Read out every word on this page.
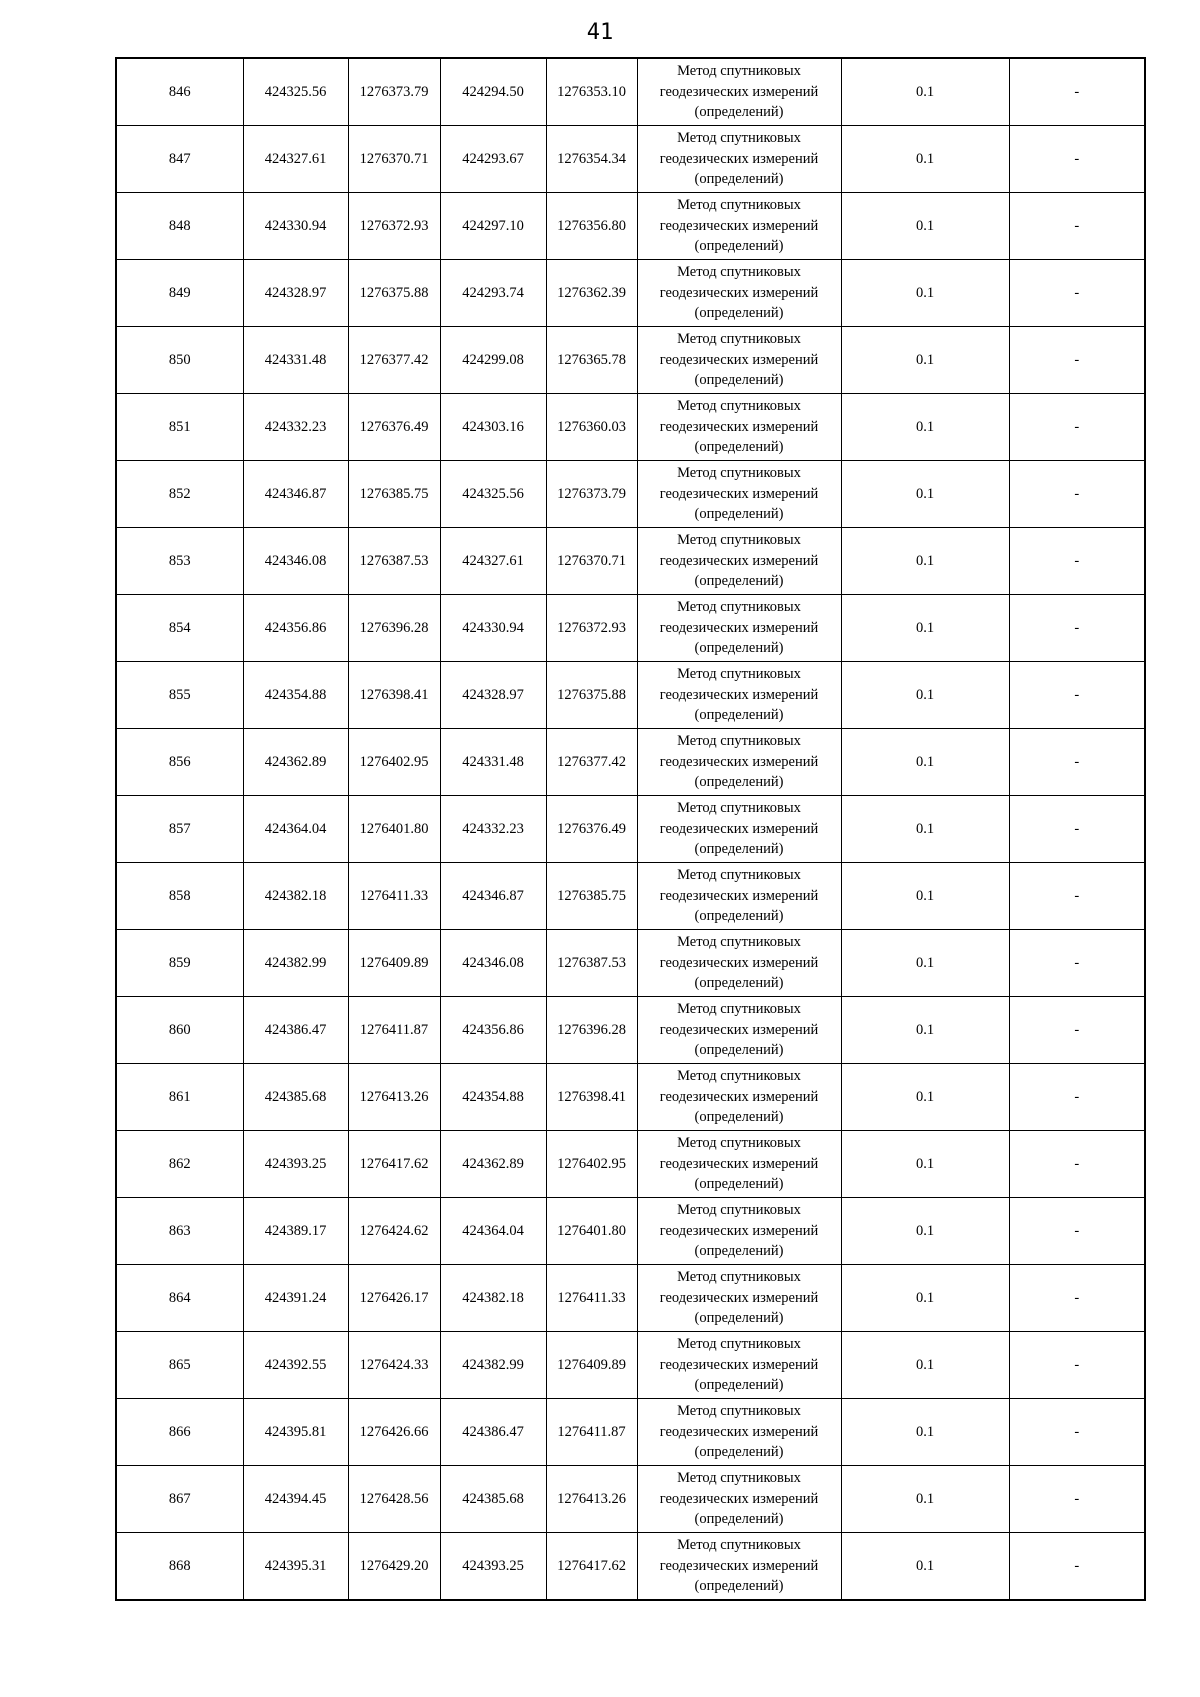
41
846	424325.56	1276373.79	424294.50	1276353.10	Метод спутниковых
геодезических измерений
(определений)	0.1	-
847	424327.61	1276370.71	424293.67	1276354.34	Метод спутниковых
геодезических измерений
(определений)	0.1	-
848	424330.94	1276372.93	424297.10	1276356.80	Метод спутниковых
геодезических измерений
(определений)	0.1	-
849	424328.97	1276375.88	424293.74	1276362.39	Метод спутниковых
геодезических измерений
(определений)	0.1	-
850	424331.48	1276377.42	424299.08	1276365.78	Метод спутниковых
геодезических измерений
(определений)	0.1	-
851	424332.23	1276376.49	424303.16	1276360.03	Метод спутниковых
геодезических измерений
(определений)	0.1	-
852	424346.87	1276385.75	424325.56	1276373.79	Метод спутниковых
геодезических измерений
(определений)	0.1	-
853	424346.08	1276387.53	424327.61	1276370.71	Метод спутниковых
геодезических измерений
(определений)	0.1	-
854	424356.86	1276396.28	424330.94	1276372.93	Метод спутниковых
геодезических измерений
(определений)	0.1	-
855	424354.88	1276398.41	424328.97	1276375.88	Метод спутниковых
геодезических измерений
(определений)	0.1	-
856	424362.89	1276402.95	424331.48	1276377.42	Метод спутниковых
геодезических измерений
(определений)	0.1	-
857	424364.04	1276401.80	424332.23	1276376.49	Метод спутниковых
геодезических измерений
(определений)	0.1	-
858	424382.18	1276411.33	424346.87	1276385.75	Метод спутниковых
геодезических измерений
(определений)	0.1	-
859	424382.99	1276409.89	424346.08	1276387.53	Метод спутниковых
геодезических измерений
(определений)	0.1	-
860	424386.47	1276411.87	424356.86	1276396.28	Метод спутниковых
геодезических измерений
(определений)	0.1	-
861	424385.68	1276413.26	424354.88	1276398.41	Метод спутниковых
геодезических измерений
(определений)	0.1	-
862	424393.25	1276417.62	424362.89	1276402.95	Метод спутниковых
геодезических измерений
(определений)	0.1	-
863	424389.17	1276424.62	424364.04	1276401.80	Метод спутниковых
геодезических измерений
(определений)	0.1	-
864	424391.24	1276426.17	424382.18	1276411.33	Метод спутниковых
геодезических измерений
(определений)	0.1	-
865	424392.55	1276424.33	424382.99	1276409.89	Метод спутниковых
геодезических измерений
(определений)	0.1	-
866	424395.81	1276426.66	424386.47	1276411.87	Метод спутниковых
геодезических измерений
(определений)	0.1	-
867	424394.45	1276428.56	424385.68	1276413.26	Метод спутниковых
геодезических измерений
(определений)	0.1	-
868	424395.31	1276429.20	424393.25	1276417.62	Метод спутниковых
геодезических измерений
(определений)	0.1	-
